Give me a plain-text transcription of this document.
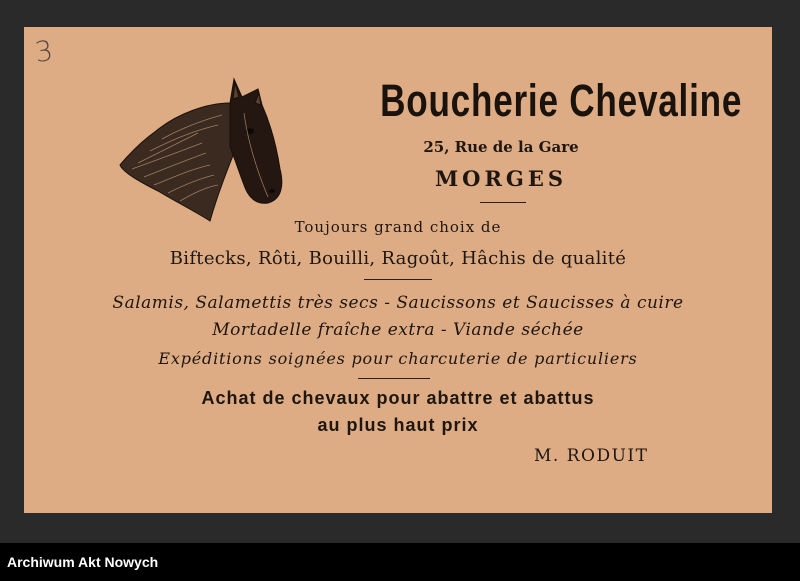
3
Boucherie Chevaline
25, Rue de la Gare
MORGES
Toujours grand choix de
Biftecks, Rôti, Bouilli, Ragoût, Hâchis de qualité
Salamis, Salamettis très secs - Saucissons et Saucisses à cuire
Mortadelle fraîche extra - Viande séchée
Expéditions soignées pour charcuterie de particuliers
Achat de chevaux pour abattre et abattus
au plus haut prix
M. RODUIT
Archiwum Akt Nowych
